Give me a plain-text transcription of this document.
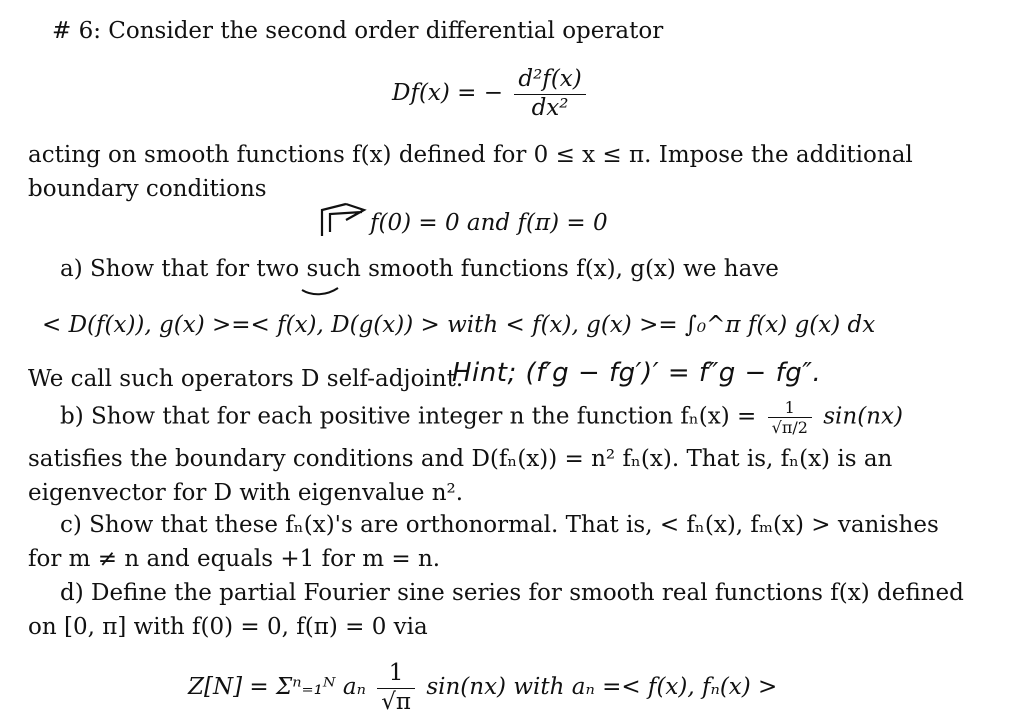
# 6: Consider the second order differential operator
Df(x) = − $\frac{\text{d²f(x)}}{\text{dx²}}$
acting on smooth functions f(x) defined for 0 ≤ x ≤ π. Impose the additional
boundary conditions
f(0) = 0 and f(π) = 0
a) Show that for two such smooth functions f(x), g(x) we have
< D(f(x)), g(x) >=< f(x), D(g(x)) > with < f(x), g(x) >= ∫₀^π f(x) g(x) dx
We call such operators D self-adjoint.
Hint; (f′g − fg′)′ = f″g − fg″.
b) Show that for each positive integer n the function $f_n(x) = \frac{1}{√\pi/2} \sin(nx)$
satisfies the boundary conditions and D(fₙ(x)) = n² fₙ(x). That is, fₙ(x) is an
eigenvector for D with eigenvalue n².
c) Show that these fₙ(x)'s are orthonormal. That is, < fₙ(x), fₘ(x) > vanishes
for m ≠ n and equals +1 for m = n.
d) Define the partial Fourier sine series for smooth real functions f(x) defined
on [0, π] with f(0) = 0, f(π) = 0 via
Z[N] = Σⁿ₌₁ᴺ aₙ $\frac{1}{√\pi} \sin(nx)$ with aₙ =< f(x), fₙ(x) >
